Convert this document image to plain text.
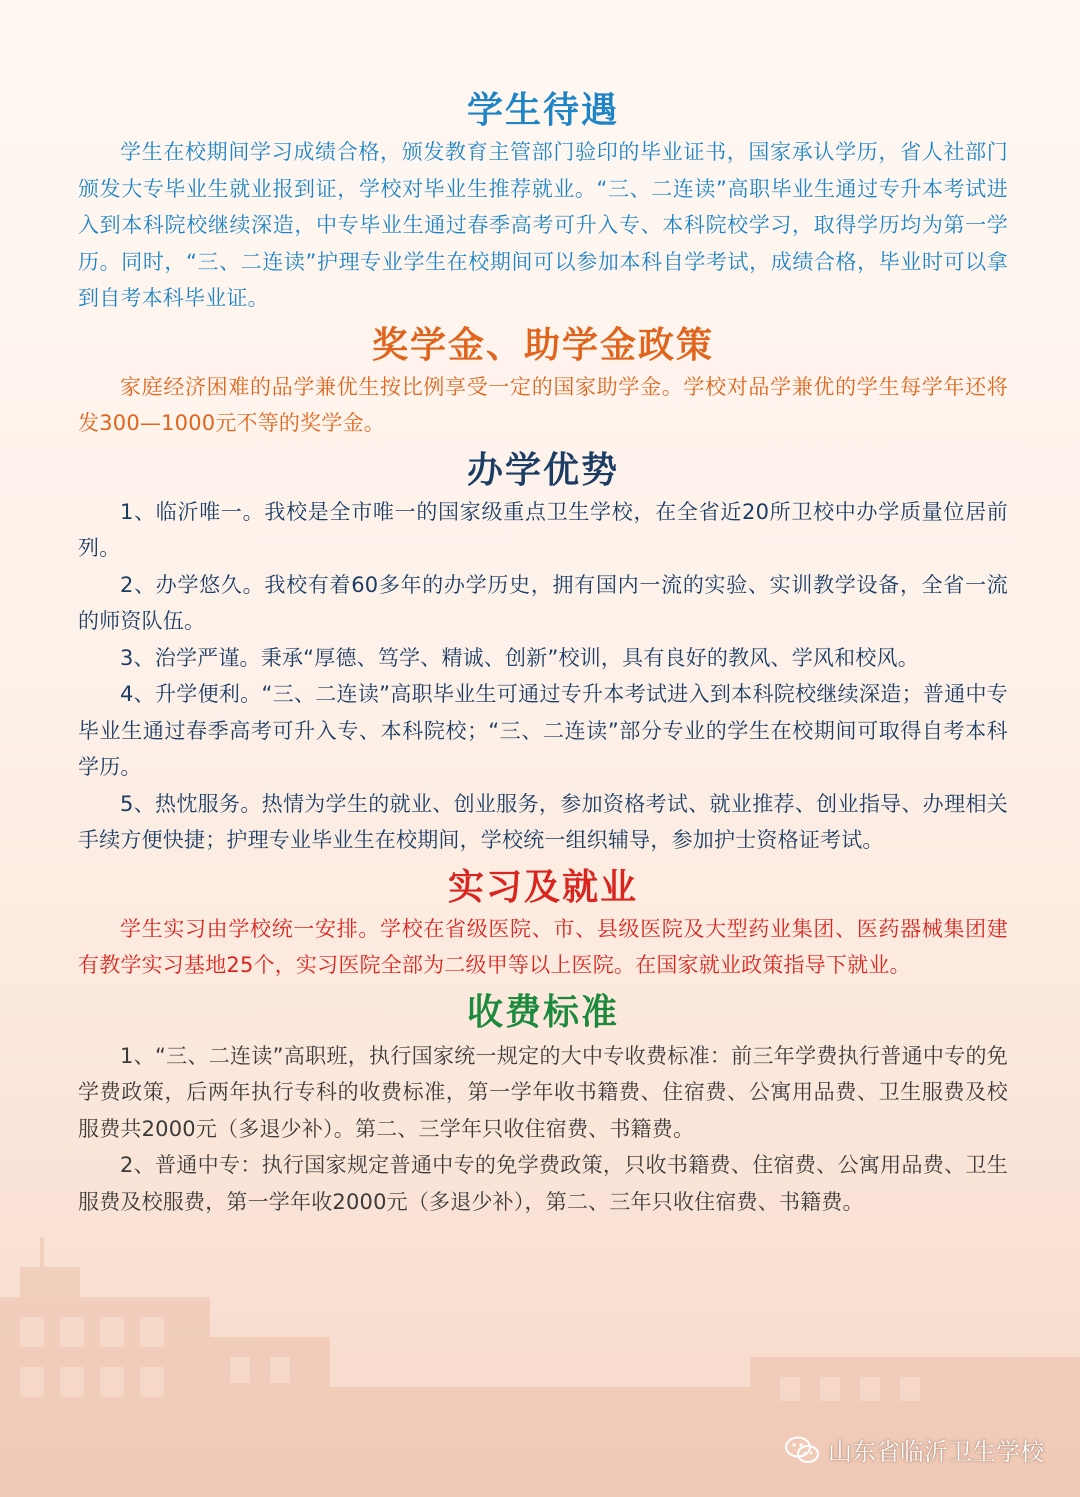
学生待遇

学生在校期间学习成绩合格，颁发教育主管部门验印的毕业证书，国家承认学历，省人社部门颁发大专毕业生就业报到证，学校对毕业生推荐就业。“三、二连读”高职毕业生通过专升本考试进入到本科院校继续深造，中专毕业生通过春季高考可升入专、本科院校学习，取得学历均为第一学历。同时，“三、二连读”护理专业学生在校期间可以参加本科自学考试，成绩合格，毕业时可以拿到自考本科毕业证。

奖学金、助学金政策

家庭经济困难的品学兼优生按比例享受一定的国家助学金。学校对品学兼优的学生每学年还将发300—1000元不等的奖学金。

办学优势

1、临沂唯一。我校是全市唯一的国家级重点卫生学校，在全省近20所卫校中办学质量位居前列。

2、办学悠久。我校有着60多年的办学历史，拥有国内一流的实验、实训教学设备，全省一流的师资队伍。

3、治学严谨。秉承“厚德、笃学、精诚、创新”校训，具有良好的教风、学风和校风。

4、升学便利。“三、二连读”高职毕业生可通过专升本考试进入到本科院校继续深造；普通中专毕业生通过春季高考可升入专、本科院校；“三、二连读”部分专业的学生在校期间可取得自考本科学历。

5、热忱服务。热情为学生的就业、创业服务，参加资格考试、就业推荐、创业指导、办理相关手续方便快捷；护理专业毕业生在校期间，学校统一组织辅导，参加护士资格证考试。

实习及就业

学生实习由学校统一安排。学校在省级医院、市、县级医院及大型药业集团、医药器械集团建有教学实习基地25个，实习医院全部为二级甲等以上医院。在国家就业政策指导下就业。

收费标准

1、“三、二连读”高职班，执行国家统一规定的大中专收费标准：前三年学费执行普通中专的免学费政策，后两年执行专科的收费标准，第一学年收书籍费、住宿费、公寓用品费、卫生服费及校服费共2000元（多退少补）。第二、三学年只收住宿费、书籍费。

2、普通中专：执行国家规定普通中专的免学费政策，只收书籍费、住宿费、公寓用品费、卫生服费及校服费，第一学年收2000元（多退少补），第二、三年只收住宿费、书籍费。

山东省临沂卫生学校
